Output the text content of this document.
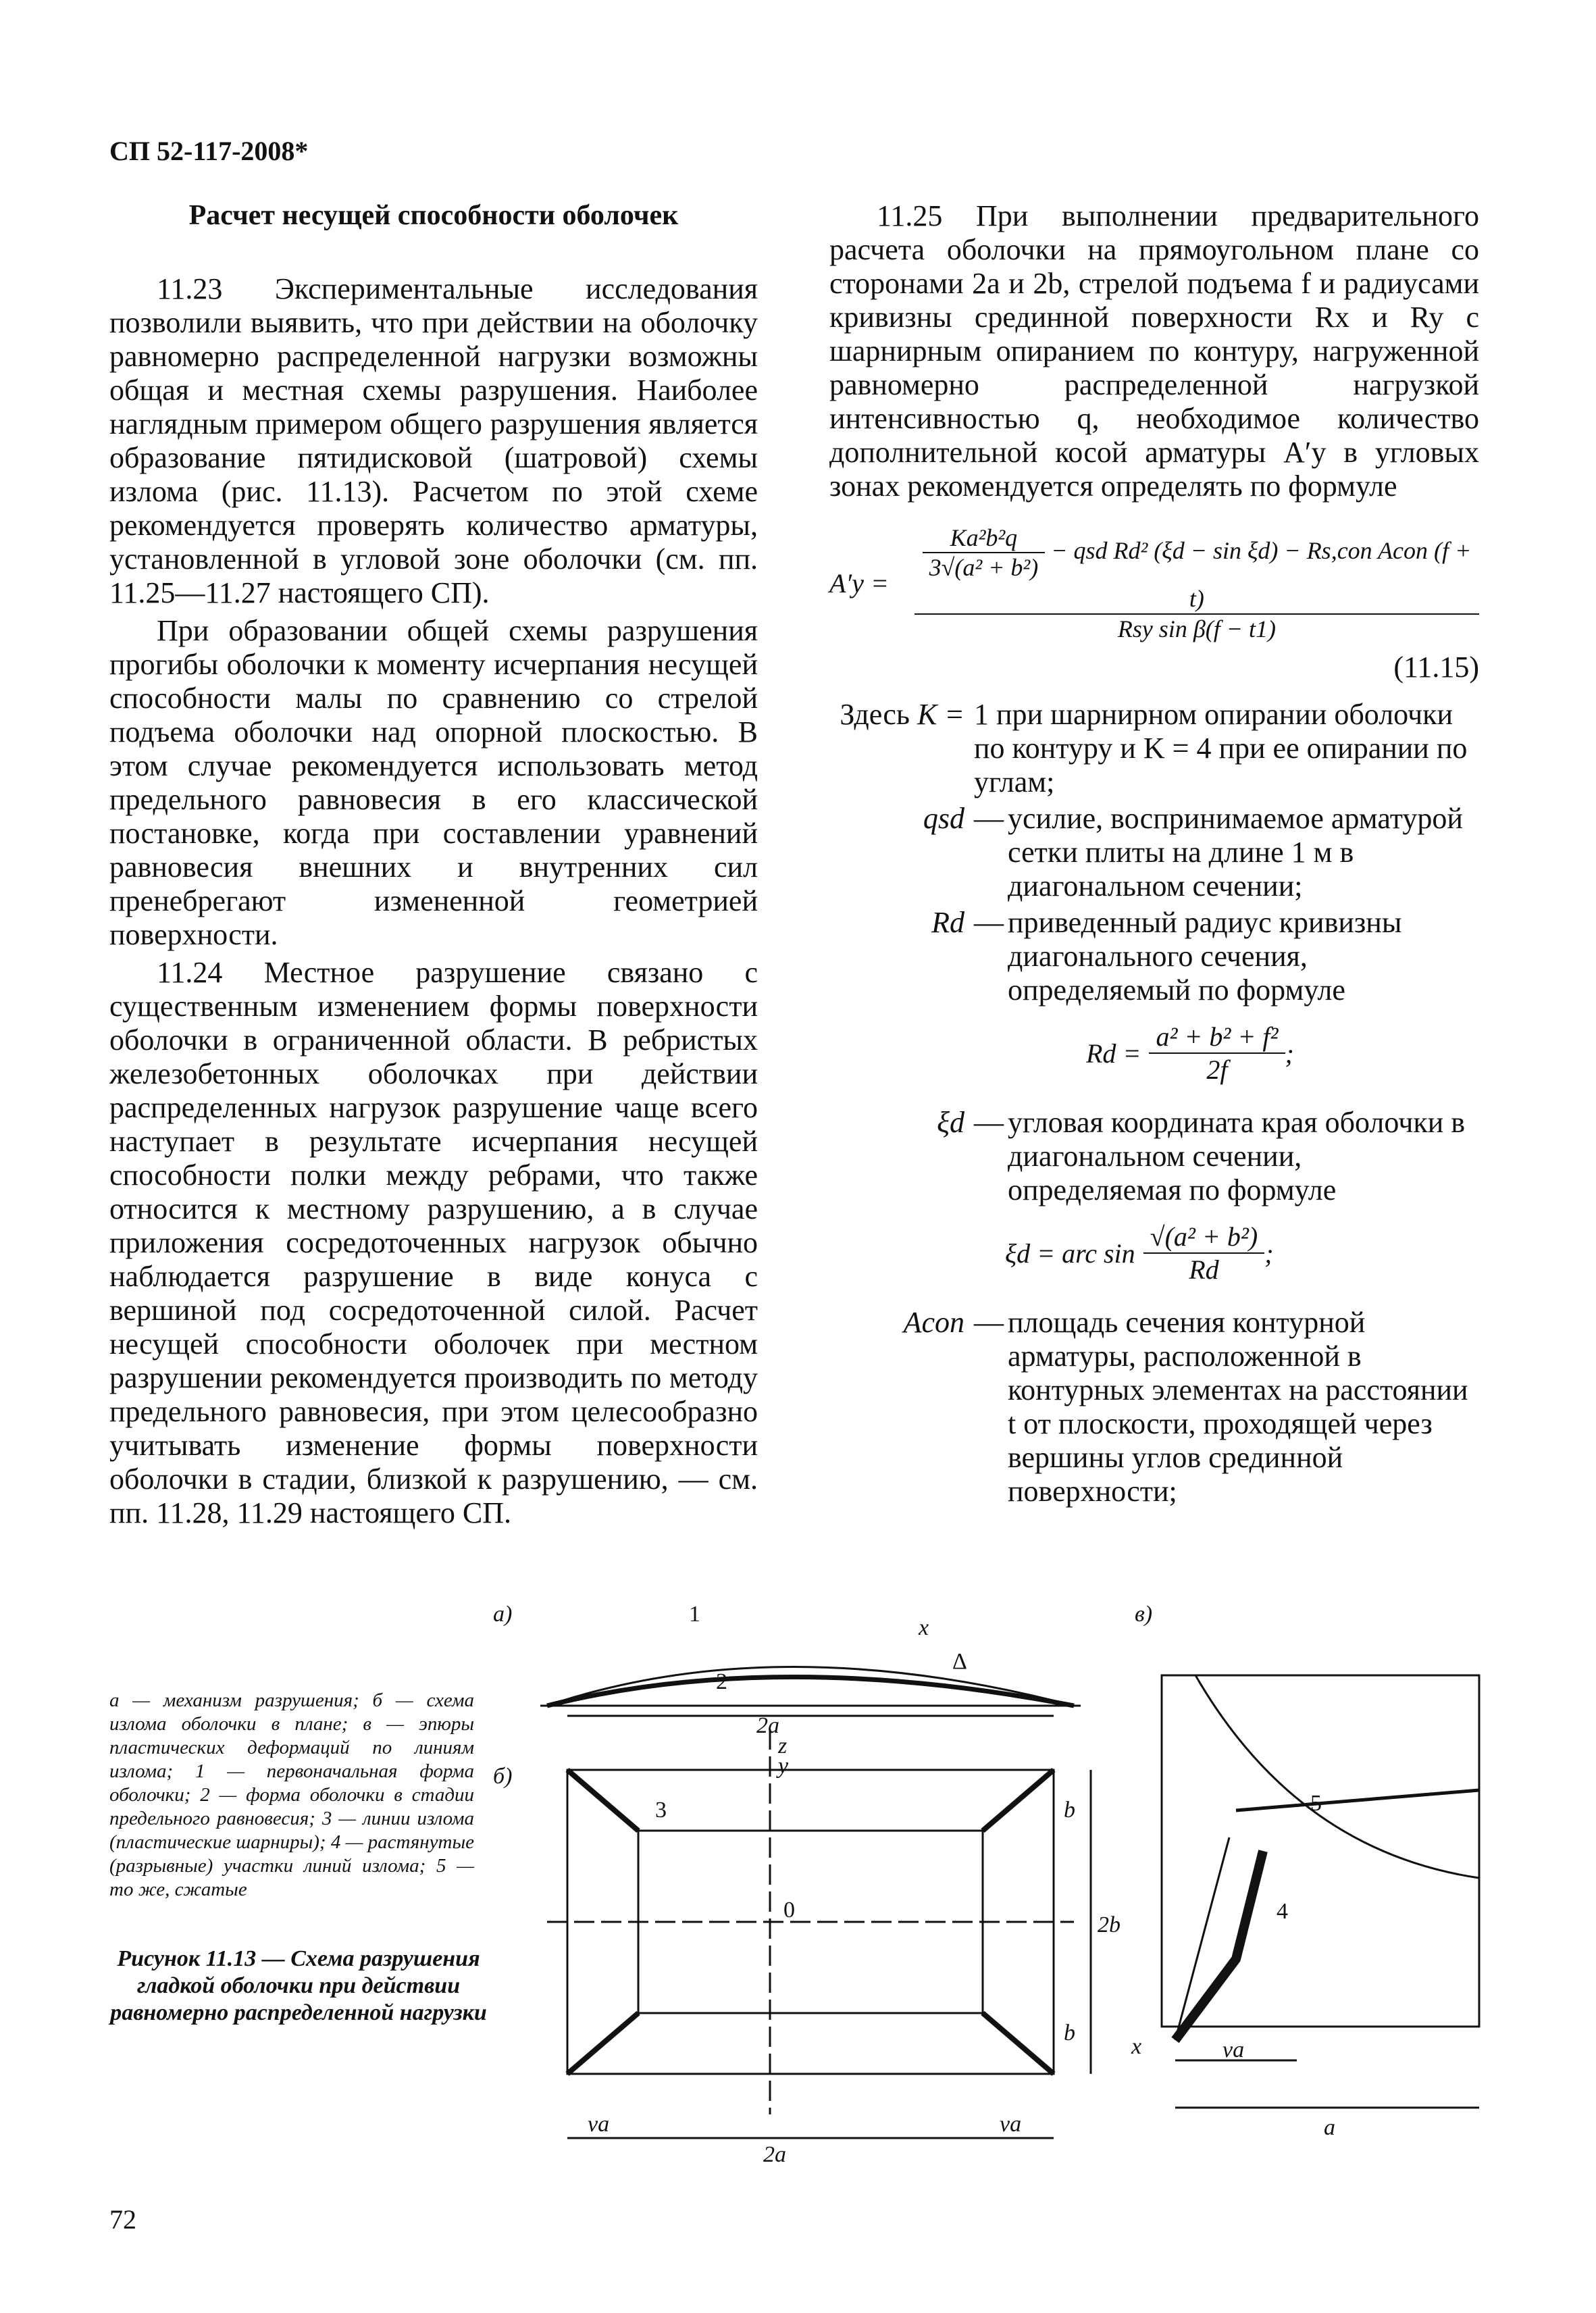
СП 52-117-2008*
Расчет несущей способности оболочек

11.23 Экспериментальные исследования позволили выявить, что при действии на оболочку равномерно распределенной нагрузки возможны общая и местная схемы разрушения. Наиболее наглядным примером общего разрушения является образование пятидисковой (шатровой) схемы излома (рис. 11.13). Расчетом по этой схеме рекомендуется проверять количество арматуры, установленной в угловой зоне оболочки (см. пп. 11.25—11.27 настоящего СП).

При образовании общей схемы разрушения прогибы оболочки к моменту исчерпания несущей способности малы по сравнению со стрелой подъема оболочки над опорной плоскостью. В этом случае рекомендуется использовать метод предельного равновесия в его классической постановке, когда при составлении уравнений равновесия внешних и внутренних сил пренебрегают измененной геометрией поверхности.

11.24 Местное разрушение связано с существенным изменением формы поверхности оболочки в ограниченной области. В ребристых железобетонных оболочках при действии распределенных нагрузок разрушение чаще всего наступает в результате исчерпания несущей способности полки между ребрами, что также относится к местному разрушению, а в случае приложения сосредоточенных нагрузок обычно наблюдается разрушение в виде конуса с вершиной под сосредоточенной силой. Расчет несущей способности оболочек при местном разрушении рекомендуется производить по методу предельного равновесия, при этом целесообразно учитывать изменение формы поверхности оболочки в стадии, близкой к разрушению, — см. пп. 11.28, 11.29 настоящего СП.

11.25 При выполнении предварительного расчета оболочки на прямоугольном плане со сторонами 2a и 2b, стрелой подъема f и радиусами кривизны срединной поверхности Rx и Ry с шарнирным опиранием по контуру, нагруженной равномерно распределенной нагрузкой интенсивностью q, необходимое количество дополнительной косой арматуры A′y в угловых зонах рекомендуется определять по формуле

A′y =
$\frac{\text{Ka²b²q}}{\text{3√(a² + b²)}}$ − qsd Rd² (ξd − sin ξd) − Rs,con Acon (f + t)
Rsy sin β(f − t1)
(11.15)
Здесь K = 1 при шарнирном опирании оболочки по контуру и K = 4 при ее опирании по углам;
qsd — усилие, воспринимаемое арматурой сетки плиты на длине 1 м в диагональном сечении;
Rd — приведенный радиус кривизны диагонального сечения, определяемый по формуле
$Rd = \frac{\text{a² + b² + f²}}{2f}$ ;
ξd — угловая координата края оболочки в диагональном сечении, определяемая по формуле
ξd = arc $\sin \frac{\text{√(a² + b²)}}{Rd}$ ;
Acon — площадь сечения контурной арматуры, расположенной в контурных элементах на расстоянии t от плоскости, проходящей через вершины углов срединной поверхности;
а — механизм разрушения; б — схема излома оболочки в плане; в — эпюры пластических деформаций по линиям излома; 1 — первоначальная форма оболочки; 2 — форма оболочки в стадии предельного равновесия; 3 — линии излома (пластические шарниры); 4 — растянутые (разрывные) участки линий излома; 5 — то же, сжатые
Рисунок 11.13 — Схема разрушения гладкой оболочки при действии равномерно распределенной нагрузки
а)
б)
в)
1
2
x
Δ
2a
z
y
3
0
2b
b
b
va	va
2a
5
4
x	va
a
72
